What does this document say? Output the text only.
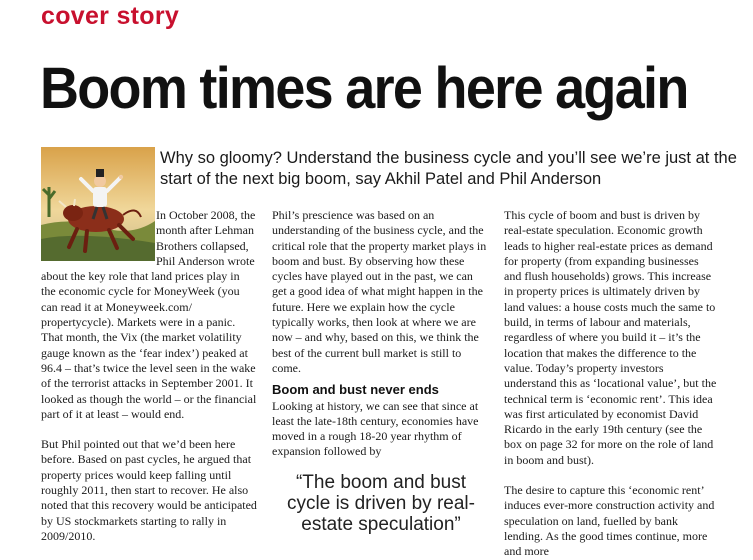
cover story
Boom times are here again
Why so gloomy? Understand the business cycle and you’ll see we’re just at the start of the next big boom, say Akhil Patel and Phil Anderson

In October 2008, the month after Lehman Brothers collapsed, Phil Anderson wrote about the key role that land prices play in the economic cycle for MoneyWeek (you can read it at Moneyweek.com/ propertycycle). Markets were in a panic. That month, the Vix (the market volatility gauge known as the ‘fear index’) peaked at 96.4 – that’s twice the level seen in the wake of the terrorist attacks in September 2001. It looked as though the world – or the financial part of it at least – would end.

But Phil pointed out that we’d been here before. Based on past cycles, he argued that property prices would keep falling until roughly 2011, then start to recover. He also noted that this recovery would be anticipated by US stockmarkets starting to rally in 2009/2010.

Phil’s prescience was based on an understanding of the business cycle, and the critical role that the property market plays in boom and bust. By observing how these cycles have played out in the past, we can get a good idea of what might happen in the future. Here we explain how the cycle typically works, then look at where we are now – and why, based on this, we think the best of the current bull market is still to come.

Boom and bust never ends

Looking at history, we can see that since at least the late-18th century, economies have moved in a rough 18-20 year rhythm of expansion followed by

“The boom and bust cycle is driven by real-estate speculation”

This cycle of boom and bust is driven by real-estate speculation. Economic growth leads to higher real-estate prices as demand for property (from expanding businesses and flush households) grows. This increase in property prices is ultimately driven by land values: a house costs much the same to build, in terms of labour and materials, regardless of where you build it – it’s the location that makes the difference to the value. Today’s property investors understand this as ‘locational value’, but the technical term is ‘economic rent’. This idea was first articulated by economist David Ricardo in the early 19th century (see the box on page 32 for more on the role of land in boom and bust).

The desire to capture this ‘economic rent’ induces ever-more construction activity and speculation on land, fuelled by bank lending. As the good times continue, more and more
